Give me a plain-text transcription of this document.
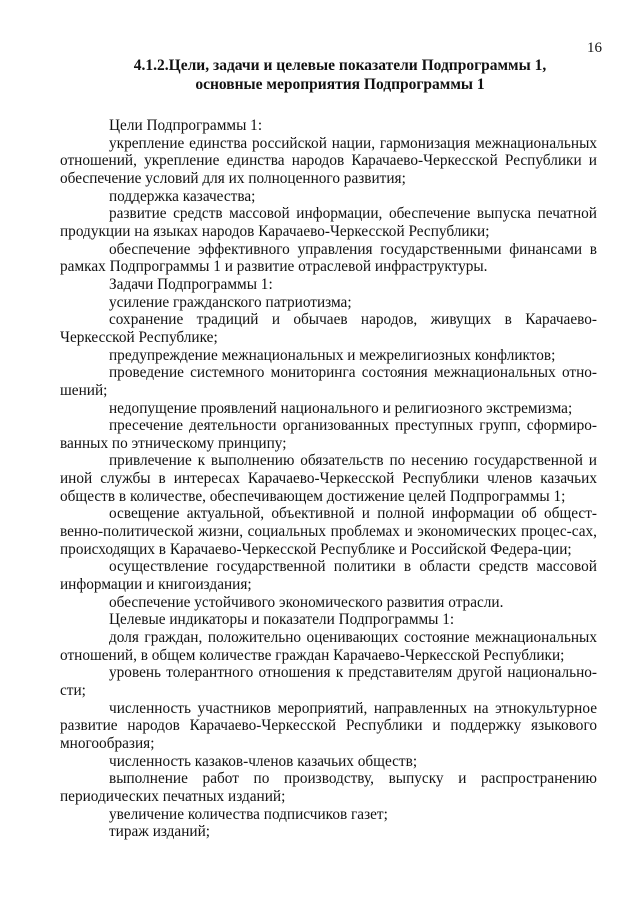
16
4.1.2.Цели, задачи и целевые показатели Подпрограммы 1,
основные мероприятия Подпрограммы 1

Цели Подпрограммы 1:

укрепление единства российской нации, гармонизация межнациональных отношений, укрепление единства народов Карачаево-Черкесской Республики и обеспечение условий для их полноценного развития;

поддержка казачества;

развитие средств массовой информации, обеспечение выпуска печатной продукции на языках народов Карачаево-Черкесской Республики;

обеспечение эффективного управления государственными финансами в рамках Подпрограммы 1 и развитие отраслевой инфраструктуры.

Задачи Подпрограммы 1:

усиление гражданского патриотизма;

сохранение традиций и обычаев народов, живущих в Карачаево-Черкесской Республике;

предупреждение межнациональных и межрелигиозных конфликтов;

проведение системного мониторинга состояния межнациональных отно-шений;

недопущение проявлений национального и религиозного экстремизма;

пресечение деятельности организованных преступных групп, сформиро-ванных по этническому принципу;

привлечение к выполнению обязательств по несению государственной и иной службы в интересах Карачаево-Черкесской Республики членов казачьих обществ в количестве, обеспечивающем достижение целей Подпрограммы 1;

освещение актуальной, объективной и полной информации об общест-венно-политической жизни, социальных проблемах и экономических процес-сах, происходящих в Карачаево-Черкесской Республике и Российской Федера-ции;

осуществление государственной политики в области средств массовой информации и книгоиздания;

обеспечение устойчивого экономического развития отрасли.

Целевые индикаторы и показатели Подпрограммы 1:

доля граждан, положительно оценивающих состояние межнациональных отношений, в общем количестве граждан Карачаево-Черкесской Республики;

уровень толерантного отношения к представителям другой национально-сти;

численность участников мероприятий, направленных на этнокультурное развитие народов Карачаево-Черкесской Республики и поддержку языкового многообразия;

численность казаков-членов казачьих обществ;

выполнение работ по производству, выпуску и распространению периодических печатных изданий;

увеличение количества подписчиков газет;

тираж изданий;
